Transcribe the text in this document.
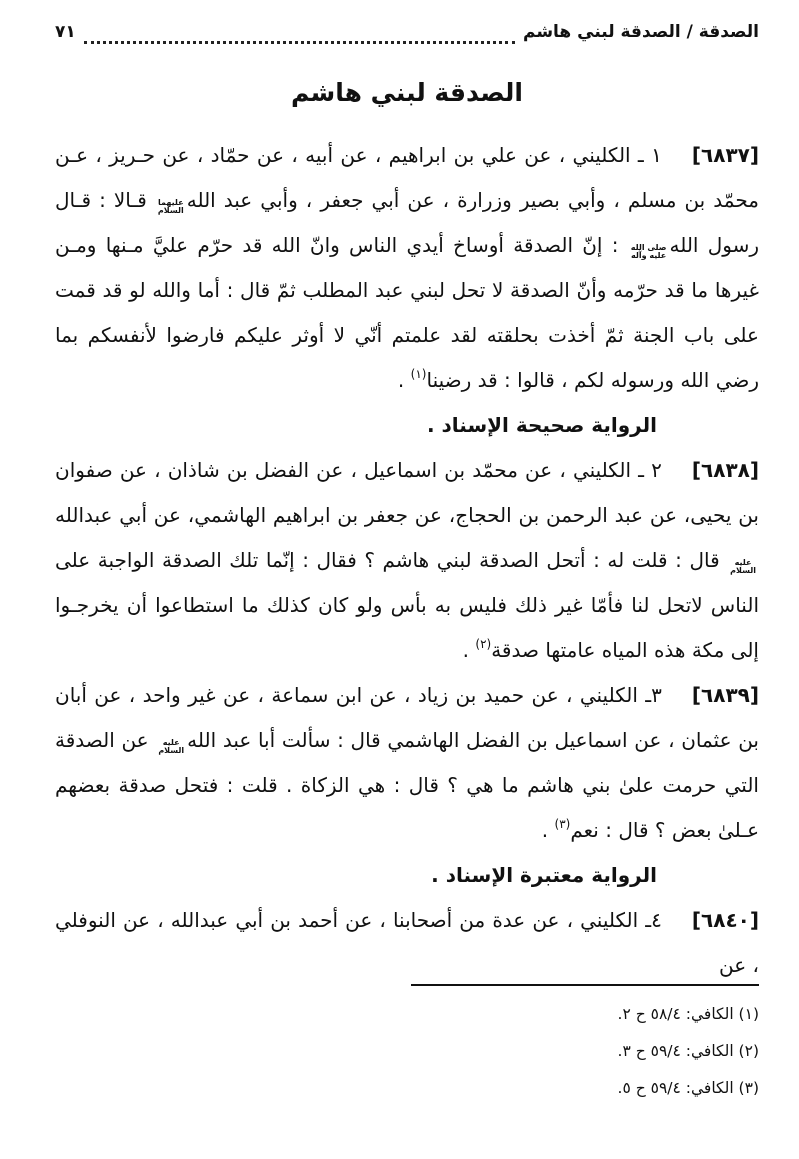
الصدقة / الصدقة لبني هاشم
٧١
الصدقة لبني هاشم

[٦٨٣٧]١ ـ الكليني ، عن علي بن ابراهيم ، عن أبيه ، عن حمّاد ، عن حـريز ، عـن محمّد بن مسلم ، وأبي بصير وزرارة ، عن أبي جعفر ، وأبي عبد الله
عليهما
السلام
قـالا : قـال رسول الله
صلى الله
عليه وآله
: إنّ الصدقة أوساخ أيدي الناس وانّ الله قد حرّم عليَّ مـنها ومـن غيرها ما قد حرّمه وأنّ الصدقة لا تحل لبني عبد المطلب ثمّ قال : أما والله لو قد قمت على باب الجنة ثمّ أخذت بحلقته لقد علمتم أنّي لا أوثر عليكم فارضوا لأنفسكم بما رضي الله ورسوله لكم ، قالوا : قد رضينا$^{(١)}$ .

الرواية صحيحة الإسناد .

[٦٨٣٨]٢ ـ الكليني ، عن محمّد بن اسماعيل ، عن الفضل بن شاذان ، عن صفوان بن يحيى، عن عبد الرحمن بن الحجاج، عن جعفر بن ابراهيم الهاشمي، عن أبي عبدالله
عليه
السلام
قال : قلت له : أتحل الصدقة لبني هاشم ؟ فقال : إنّما تلك الصدقة الواجبة على الناس لاتحل لنا فأمّا غير ذلك فليس به بأس ولو كان كذلك ما استطاعوا أن يخرجـوا إلى مكة هذه المياه عامتها صدقة$^{(٢)}$ .

[٦٨٣٩]٣ـ الكليني ، عن حميد بن زياد ، عن ابن سماعة ، عن غير واحد ، عن أبان بن عثمان ، عن اسماعيل بن الفضل الهاشمي قال : سألت أبا عبد الله
عليه
السلام
عن الصدقة التي حرمت علىٰ بني هاشم ما هي ؟ قال : هي الزكاة . قلت : فتحل صدقة بعضهم عـلىٰ بعض ؟ قال : نعم$^{(٣)}$ .

الرواية معتبرة الإسناد .

[٦٨٤٠]٤ـ الكليني ، عن عدة من أصحابنا ، عن أحمد بن أبي عبدالله ، عن النوفلي ، عن

(١) الكافي: ٥٨/٤ ح ٢.
(٢) الكافي: ٥٩/٤ ح ٣.
(٣) الكافي: ٥٩/٤ ح ٥.
